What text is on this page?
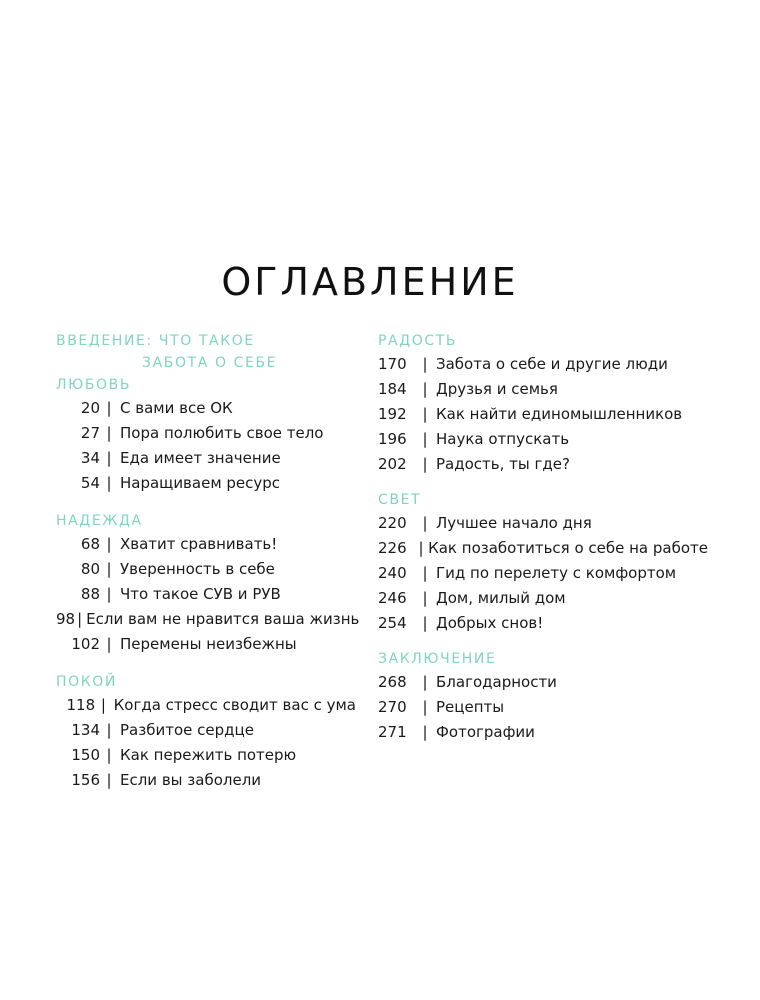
ОГЛАВЛЕНИЕ
ВВЕДЕНИЕ: ЧТО ТАКОЕ
ЗАБОТА О СЕБЕ
ЛЮБОВЬ
20 | С вами все ОК
27 | Пора полюбить свое тело
34 | Еда имеет значение
54 | Наращиваем ресурс
НАДЕЖДА
68 | Хватит сравнивать!
80 | Уверенность в себе
88 | Что такое СУВ и РУВ
98 | Если вам не нравится ваша жизнь
102 | Перемены неизбежны
ПОКОЙ
118 | Когда стресс сводит вас с ума
134 | Разбитое сердце
150 | Как пережить потерю
156 | Если вы заболели
РАДОСТЬ
170 | Забота о себе и другие люди
184 | Друзья и семья
192 | Как найти единомышленников
196 | Наука отпускать
202 | Радость, ты где?
СВЕТ
220 | Лучшее начало дня
226 | Как позаботиться о себе на работе
240 | Гид по перелету с комфортом
246 | Дом, милый дом
254 | Добрых снов!
ЗАКЛЮЧЕНИЕ
268 | Благодарности
270 | Рецепты
271 | Фотографии
